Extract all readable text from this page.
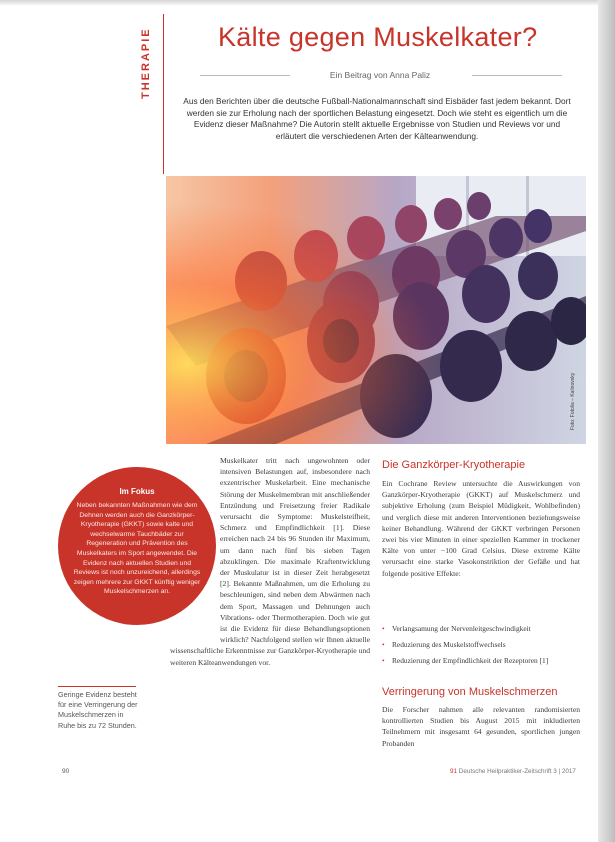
THERAPIE Kälte gegen Muskelkater?
Ein Beitrag von Anna Paliz
Aus den Berichten über die deutsche Fußball-Nationalmannschaft sind Eisbäder fast jedem bekannt. Dort werden sie zur Erholung nach der sportlichen Belastung eingesetzt. Doch wie steht es eigentlich um die Evidenz dieser Maßnahme? Die Autorin stellt aktuelle Ergebnisse von Studien und Reviews vor und erläutert die verschiedenen Arten der Kälteanwendung.
Foto: Fotolia – Kalinovsky

Muskelkater tritt nach ungewohnten oder intensiven Belastungen auf, insbesondere nach exzentrischer Muskelarbeit. Eine mechanische Störung der Muskelmembran mit anschließender Entzündung und Freisetzung freier Radikale verursacht die Symptome: Muskelsteifheit, Schmerz und Empfindlichkeit [1]. Diese erreichen nach 24 bis 96 Stunden ihr Maximum, um dann nach fünf bis sieben Tagen abzuklingen. Die maximale Kraftentwicklung der Muskulatur ist in dieser Zeit herabgesetzt [2]. Bekannte Maßnahmen, um die Erholung zu beschleunigen, sind neben dem Abwärmen nach dem Sport, Massagen und Dehnungen auch Vibrations- oder Thermotherapien. Doch wie gut ist die Evidenz für diese Behandlungsoptionen wirklich? Nachfolgend stellen wir Ihnen aktuelle wissenschaftliche Erkenntnisse zur Ganzkörper-Kryotherapie und weiteren Kälteanwendungen vor.

Im Fokus
Neben bekannten Maßnahmen wie dem Dehnen werden auch die Ganzkörper-Kryotherapie (GKKT) sowie kalte und wechselwarme Tauchbäder zur Regeneration und Prävention des Muskelkaters im Sport angewendet. Die Evidenz nach aktuellen Studien und Reviews ist noch unzureichend, allerdings zeigen mehrere zur GKKT künftig weniger Muskelschmerzen an.
Die Ganzkörper-Kryotherapie
Ein Cochrane Review untersuchte die Auswirkungen von Ganzkörper-Kryotherapie (GKKT) auf Muskelschmerz und subjektive Erholung (zum Beispiel Müdigkeit, Wohlbefinden) und verglich diese mit anderen Interventionen beziehungsweise keiner Behandlung. Während der GKKT verbringen Personen zwei bis vier Minuten in einer speziellen Kammer in trockener Kälte von unter −100 Grad Celsius. Diese extreme Kälte verursacht eine starke Vasokonstriktion der Gefäße und hat folgende positive Effekte:
• Verlangsamung der Nervenleitgeschwindigkeit
• Reduzierung des Muskelstoffwechsels
• Reduzierung der Empfindlichkeit der Rezeptoren [1]
Verringerung von Muskelschmerzen
Die Forscher nahmen alle relevanten randomisierten kontrollierten Studien bis August 2015 mit inkludierten Teilnehmern mit insgesamt 64 gesunden, sportlichen jungen Probanden
Geringe Evidenz besteht für eine Verringerung der Muskelschmerzen in Ruhe bis zu 72 Stunden.
90	91 Deutsche Heilpraktiker-Zeitschrift 3 | 2017
